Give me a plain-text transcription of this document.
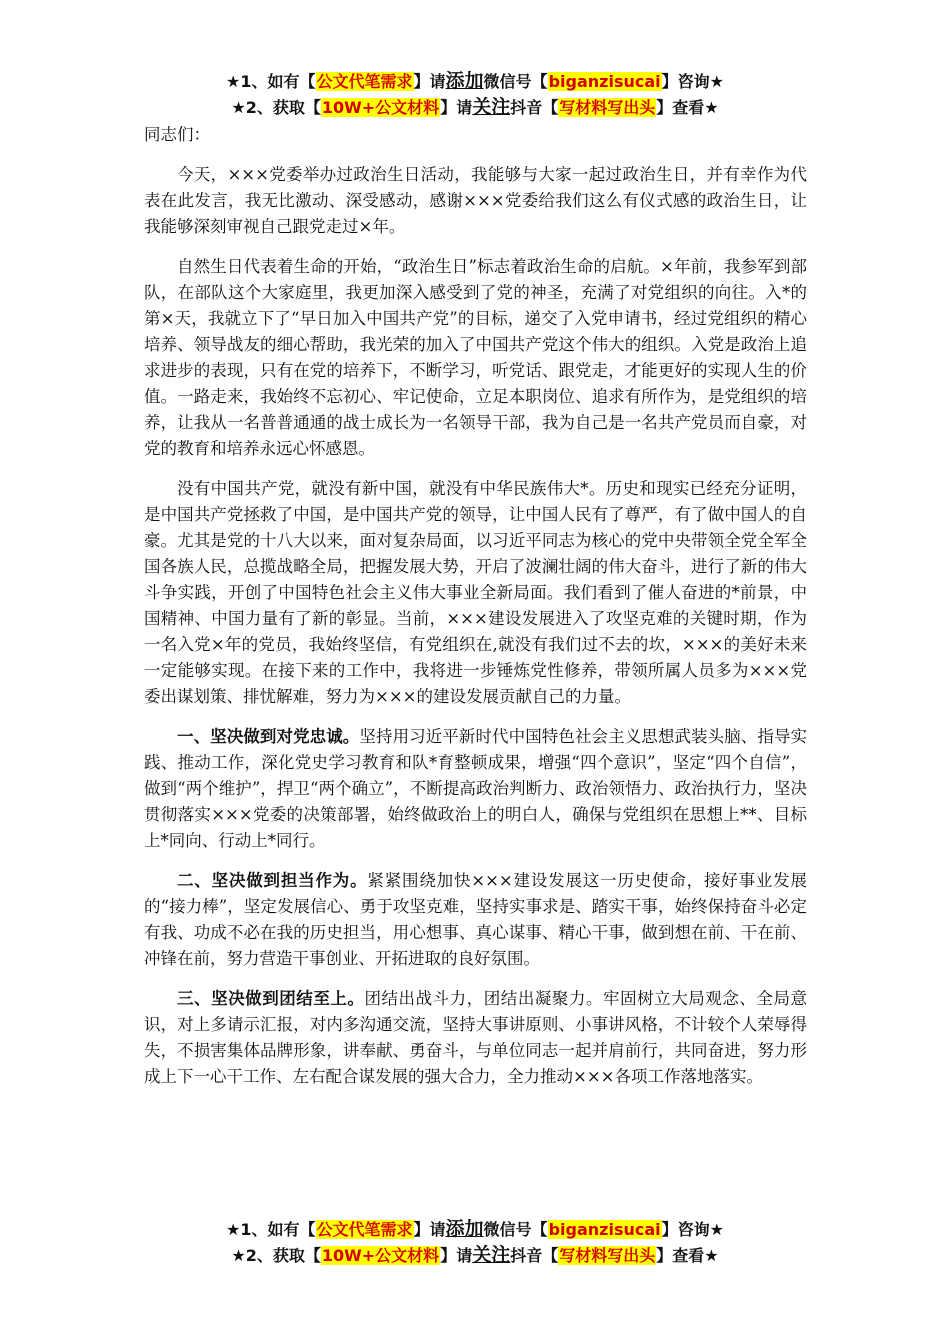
★1、如有【公文代笔需求】请添加微信号【biganzisucai】咨询★
★2、获取【10W+公文材料】请关注抖音【写材料写出头】查看★
同志们：

今天，×××党委举办过政治生日活动，我能够与大家一起过政治生日，并有幸作为代表在此发言，我无比激动、深受感动，感谢×××党委给我们这么有仪式感的政治生日，让我能够深刻审视自己跟党走过×年。

自然生日代表着生命的开始，“政治生日”标志着政治生命的启航。×年前，我参军到部队，在部队这个大家庭里，我更加深入感受到了党的神圣，充满了对党组织的向往。入*的第×天，我就立下了“早日加入中国共产党”的目标，递交了入党申请书，经过党组织的精心培养、领导战友的细心帮助，我光荣的加入了中国共产党这个伟大的组织。入党是政治上追求进步的表现，只有在党的培养下，不断学习，听党话、跟党走，才能更好的实现人生的价值。一路走来，我始终不忘初心、牢记使命，立足本职岗位、追求有所作为，是党组织的培养，让我从一名普普通通的战士成长为一名领导干部，我为自己是一名共产党员而自豪，对党的教育和培养永远心怀感恩。

没有中国共产党，就没有新中国，就没有中华民族伟大*。历史和现实已经充分证明，是中国共产党拯救了中国，是中国共产党的领导，让中国人民有了尊严，有了做中国人的自豪。尤其是党的十八大以来，面对复杂局面，以习近平同志为核心的党中央带领全党全军全国各族人民，总揽战略全局，把握发展大势，开启了波澜壮阔的伟大奋斗，进行了新的伟大斗争实践，开创了中国特色社会主义伟大事业全新局面。我们看到了催人奋进的*前景，中国精神、中国力量有了新的彰显。当前，×××建设发展进入了攻坚克难的关键时期，作为一名入党×年的党员，我始终坚信，有党组织在,就没有我们过不去的坎，×××的美好未来一定能够实现。在接下来的工作中，我将进一步锤炼党性修养，带领所属人员多为×××党委出谋划策、排忧解难，努力为×××的建设发展贡献自己的力量。

一、坚决做到对党忠诚。坚持用习近平新时代中国特色社会主义思想武装头脑、指导实践、推动工作，深化党史学习教育和队*育整顿成果，增强“四个意识”，坚定“四个自信”，做到“两个维护”，捍卫“两个确立”，不断提高政治判断力、政治领悟力、政治执行力，坚决贯彻落实×××党委的决策部署，始终做政治上的明白人，确保与党组织在思想上**、目标上*同向、行动上*同行。

二、坚决做到担当作为。紧紧围绕加快×××建设发展这一历史使命，接好事业发展的“接力棒”，坚定发展信心、勇于攻坚克难，坚持实事求是、踏实干事，始终保持奋斗必定有我、功成不必在我的历史担当，用心想事、真心谋事、精心干事，做到想在前、干在前、冲锋在前，努力营造干事创业、开拓进取的良好氛围。

三、坚决做到团结至上。团结出战斗力，团结出凝聚力。牢固树立大局观念、全局意识，对上多请示汇报，对内多沟通交流，坚持大事讲原则、小事讲风格，不计较个人荣辱得失，不损害集体品牌形象，讲奉献、勇奋斗，与单位同志一起并肩前行，共同奋进，努力形成上下一心干工作、左右配合谋发展的强大合力，全力推动×××各项工作落地落实。

★1、如有【公文代笔需求】请添加微信号【biganzisucai】咨询★
★2、获取【10W+公文材料】请关注抖音【写材料写出头】查看★
